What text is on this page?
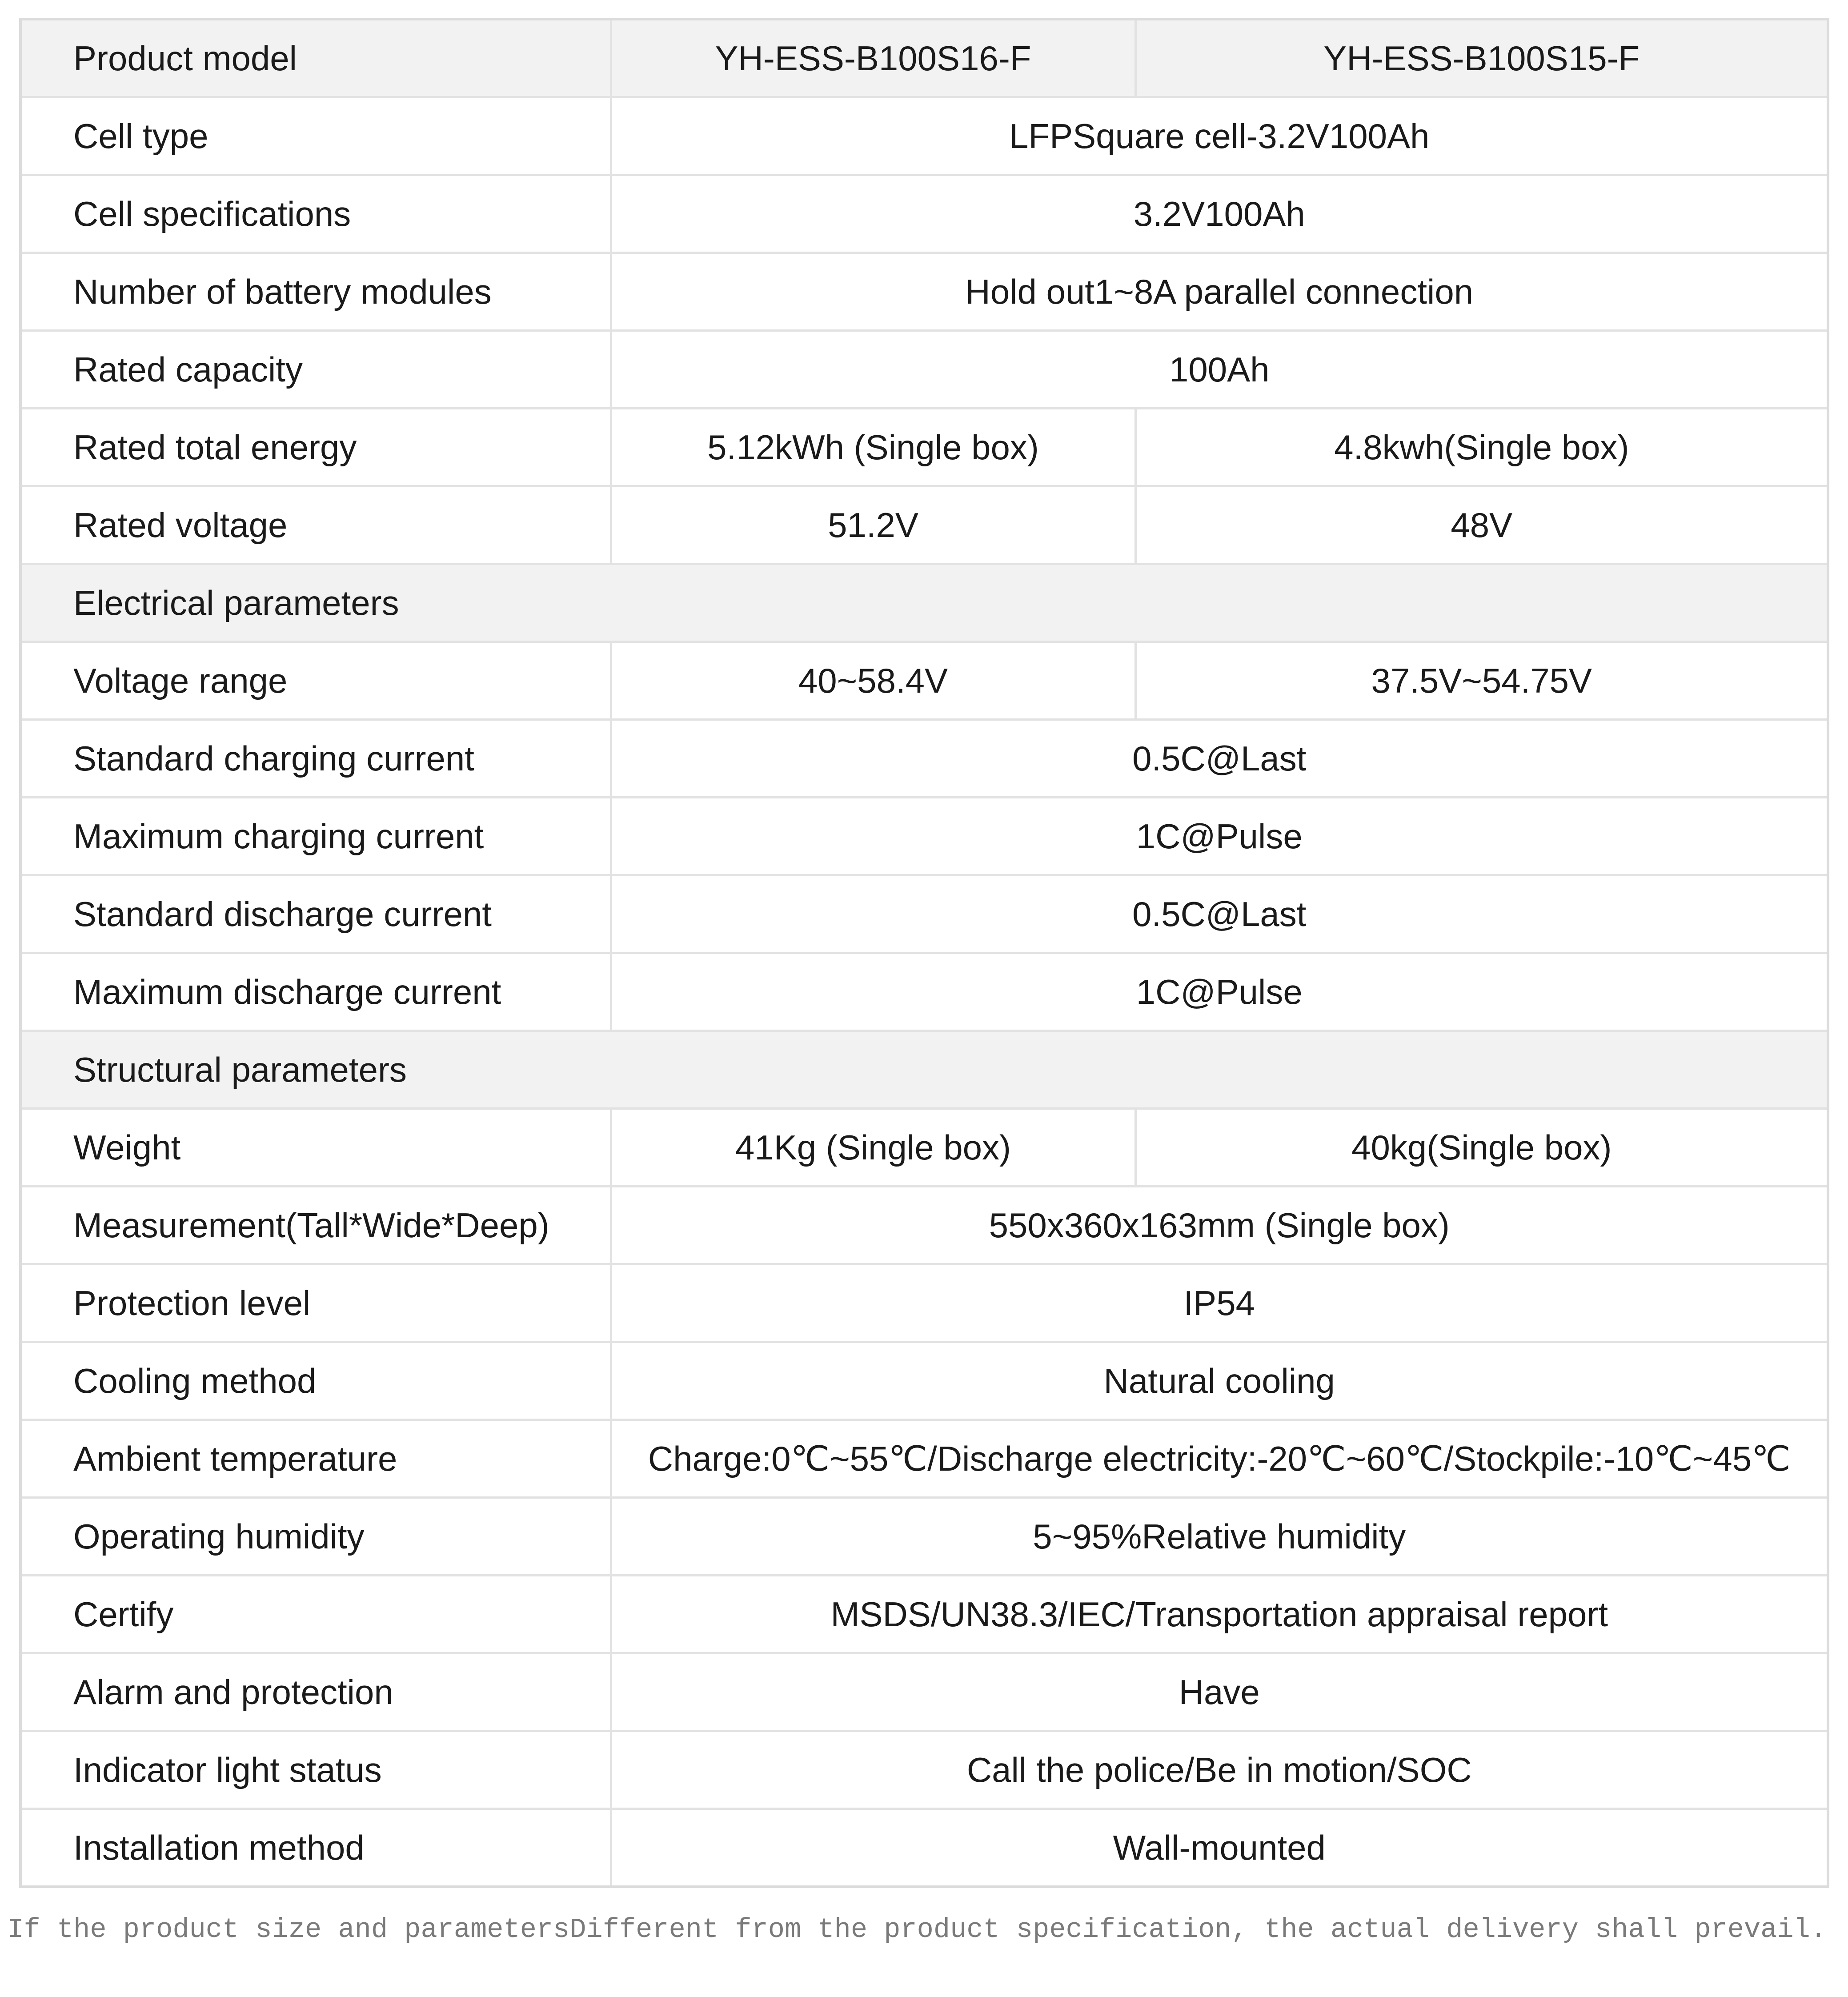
Product model	YH-ESS-B100S16-F	YH-ESS-B100S15-F
Cell type	LFPSquare cell-3.2V100Ah	
Cell specifications	3.2V100Ah	
Number of battery modules	Hold out1~8A parallel connection	
Rated capacity	100Ah	
Rated total energy	5.12kWh (Single box)	4.8kwh(Single box)
Rated voltage	51.2V	48V
Electrical parameters		
Voltage range	40~58.4V	37.5V~54.75V
Standard charging current	0.5C@Last	
Maximum charging current	1C@Pulse	
Standard discharge current	0.5C@Last	
Maximum discharge current	1C@Pulse	
Structural parameters		
Weight	41Kg (Single box)	40kg(Single box)
Measurement(Tall*Wide*Deep)	550x360x163mm (Single box)	
Protection level	IP54	
Cooling method	Natural cooling	
Ambient temperature	Charge:0℃~55℃/Discharge electricity:-20℃~60℃/Stockpile:-10℃~45℃	
Operating humidity	5~95%Relative humidity	
Certify	MSDS/UN38.3/IEC/Transportation appraisal report	
Alarm and protection	Have	
Indicator light status	Call the police/Be in motion/SOC	
Installation method	Wall-mounted	
If the product size and parametersDifferent from the product specification, the actual delivery shall prevail.
